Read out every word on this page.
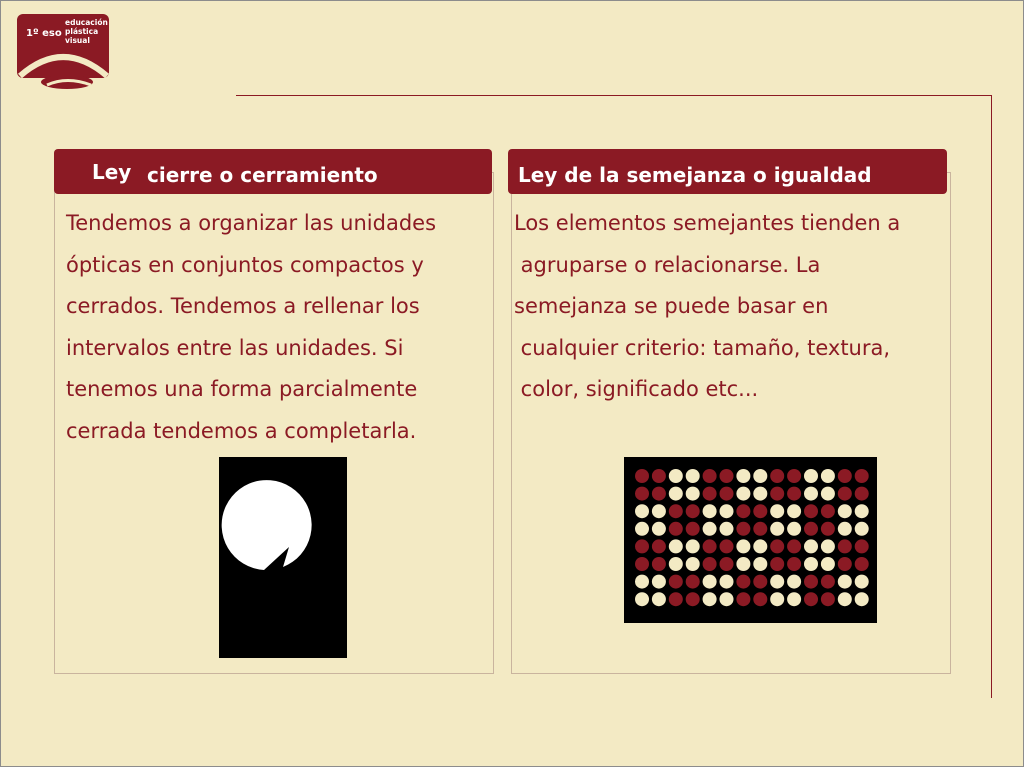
1º eso
educación
plástica
visual
Ley cierre o cerramiento	Ley de la semejanza o igualdad
Tendemos a organizar las unidades
ópticas en conjuntos compactos y
cerrados. Tendemos a rellenar los
intervalos entre las unidades. Si
tenemos una forma parcialmente
cerrada tendemos a completarla.
Los elementos semejantes tienden a
agruparse o relacionarse. La
semejanza se puede basar en
cualquier criterio: tamaño, textura,
color, significado etc...
